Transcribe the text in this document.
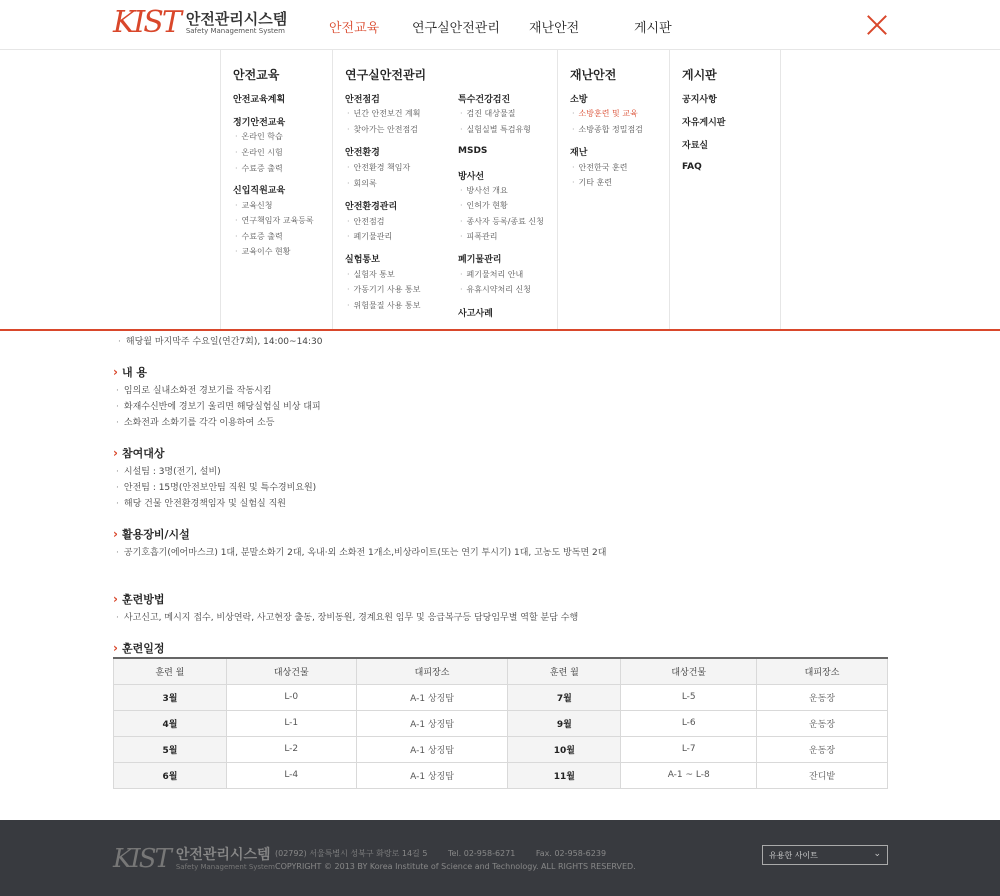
KIST 안전관리시스템
Safety Management System	안전교육	연구실안전관리 재난안전	게시판
안전교육
안전교육계획
정기안전교육
· 온라인 학습
· 온라인 시험
· 수료증 출력
신입직원교육
· 교육신청
· 연구책임자 교육등록
· 수료증 출력
· 교육이수 현황
연구실안전관리
안전점검
· 년간 안전보건 계획
· 찾아가는 안전점검
안전환경
· 안전환경 책임자
· 회의록
안전환경관리
· 안전점검
· 폐기물관리
실험통보
· 실험자 통보
· 가동기기 사용 통보
· 위험물질 사용 통보
특수건강검진
· 검진 대상물질
· 실험실별 특검유형
MSDS
방사선
· 방사선 개요
· 인허가 현황
· 종사자 등록/종료 신청
· 피폭관리
폐기물관리
· 폐기물처리 안내
· 유휴시약처리 신청
사고사례
재난안전
소방
· 소방훈련 및 교육
· 소방종합 정밀점검
재난
· 안전한국 훈련
· 기타 훈련
게시판
공지사항
자유게시판
자료실
FAQ
· 해당월 마지막주 수요일(연간7회), 14:00~14:30
› 내 용
· 임의로 실내소화전 경보기를 작동시킴
· 화재수신반에 경보기 울리면 해당실험실 비상 대피
· 소화전과 소화기를 각각 이용하여 소등
› 참여대상
· 시설팀 : 3명(전기, 설비)
· 안전팀 : 15명(안전보안팀 직원 및 특수경비요원)
· 해당 건물 안전환경책임자 및 실험실 직원
› 활용장비/시설
· 공기호흡기(에어마스크) 1대, 분말소화기 2대, 옥내·외 소화전 1개소,비상라이트(또는 연기 투시기) 1대, 고농도 방독면 2대
› 훈련방법
· 사고신고, 메시지 접수, 비상연락, 사고현장 출동, 장비동원, 경계요원 임무 및 응급복구등 담당임무별 역할 분담 수행
› 훈련일정
훈련 월	대상건물	대피장소	훈련 월	대상건물	대피장소
3월	L-0	A-1 상징탑	7월	L-5	운동장
4월	L-1	A-1 상징탑	9월	L-6	운동장
5월	L-2	A-1 상징탑	10월	L-7	운동장
6월	L-4	A-1 상징탑	11월	A-1 ~ L-8	잔디밭
KIST 안전관리시스템
Safety Management System
(02792) 서울특별시 성북구 화랑로 14길 5	Tel. 02-958-6271	Fax. 02-958-6239
COPYRIGHT © 2013 BY Korea Institute of Science and Technology. ALL RIGHTS RESERVED.
유용한 사이트	⌄
